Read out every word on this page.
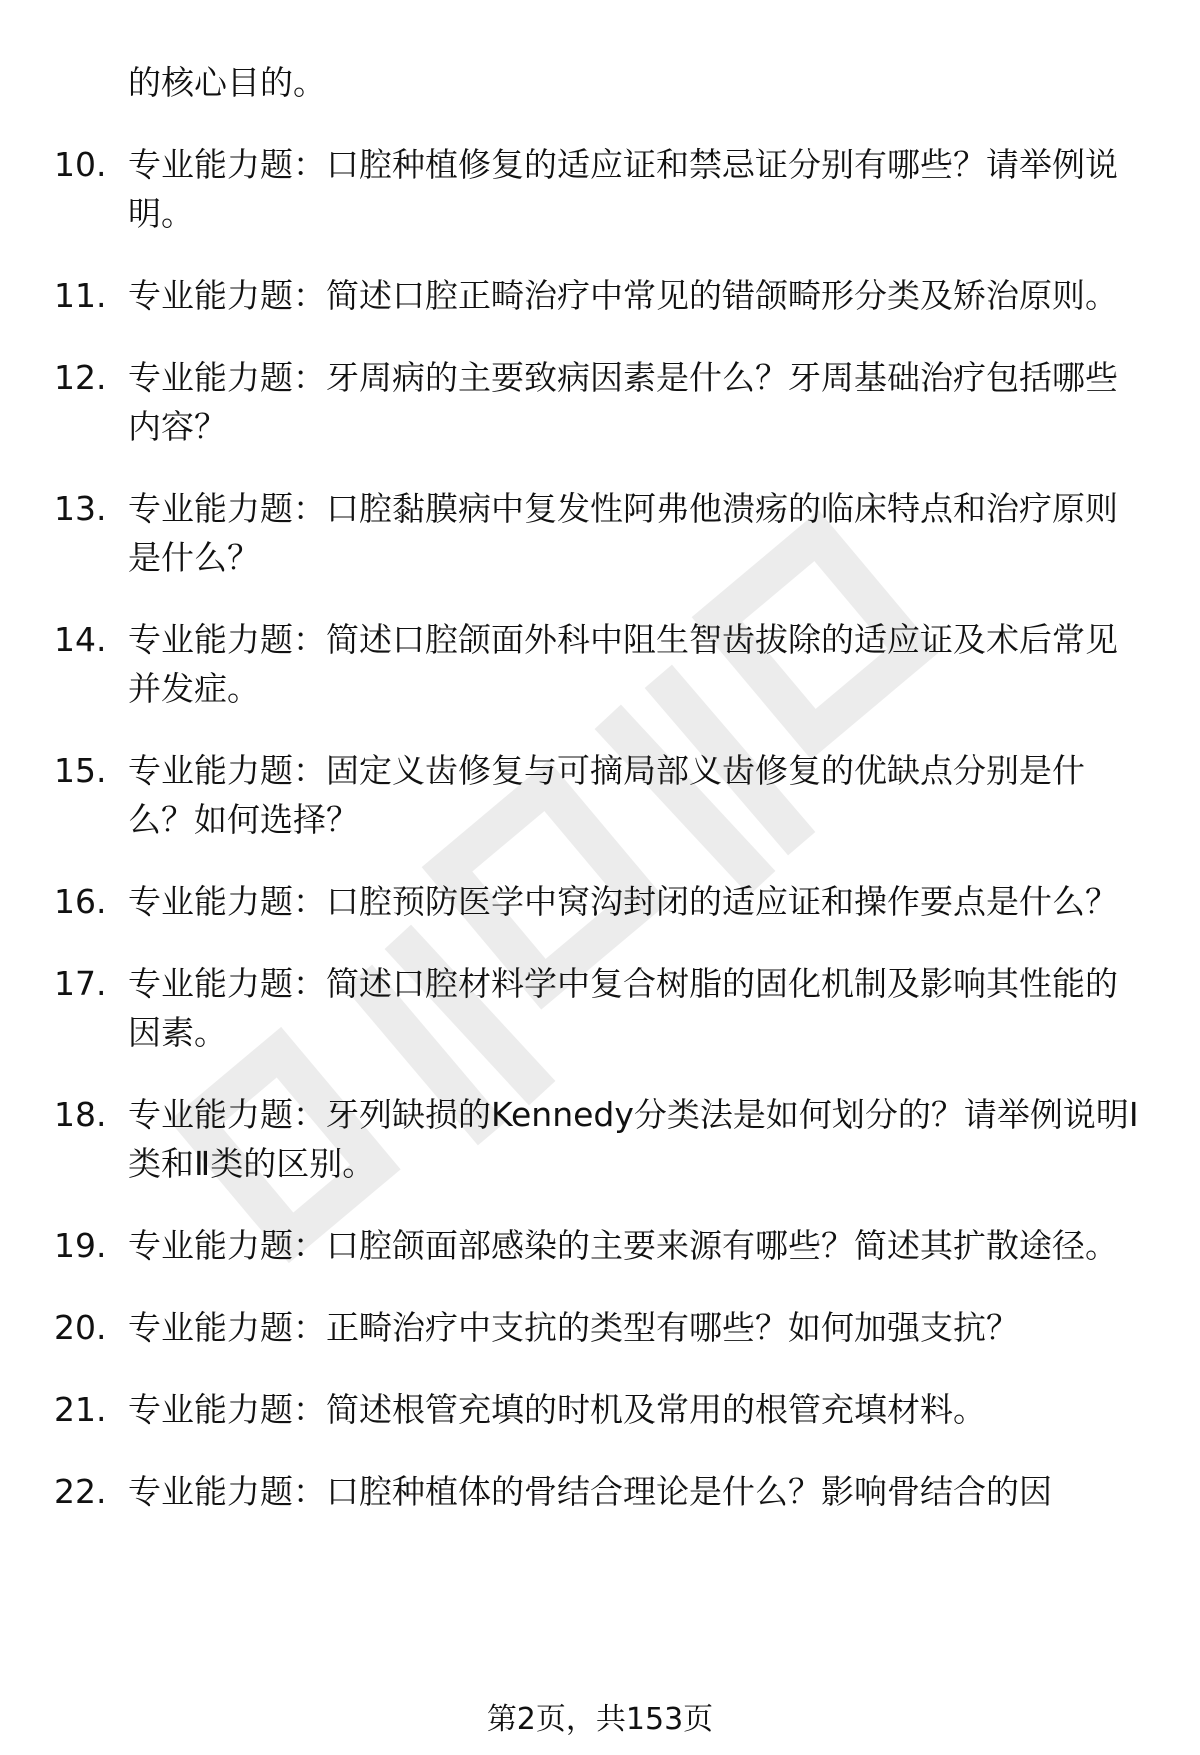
的核心目的。

10. 专业能力题：口腔种植修复的适应证和禁忌证分别有哪些？请举例说明。
11. 专业能力题：简述口腔正畸治疗中常见的错颌畸形分类及矫治原则。
12. 专业能力题：牙周病的主要致病因素是什么？牙周基础治疗包括哪些内容？
13. 专业能力题：口腔黏膜病中复发性阿弗他溃疡的临床特点和治疗原则是什么？
14. 专业能力题：简述口腔颌面外科中阻生智齿拔除的适应证及术后常见并发症。
15. 专业能力题：固定义齿修复与可摘局部义齿修复的优缺点分别是什么？如何选择？
16. 专业能力题：口腔预防医学中窝沟封闭的适应证和操作要点是什么？
17. 专业能力题：简述口腔材料学中复合树脂的固化机制及影响其性能的因素。
18. 专业能力题：牙列缺损的Kennedy分类法是如何划分的？请举例说明Ⅰ类和Ⅱ类的区别。
19. 专业能力题：口腔颌面部感染的主要来源有哪些？简述其扩散途径。
20. 专业能力题：正畸治疗中支抗的类型有哪些？如何加强支抗？
21. 专业能力题：简述根管充填的时机及常用的根管充填材料。
22. 专业能力题：口腔种植体的骨结合理论是什么？影响骨结合的因
第2页，共153页
